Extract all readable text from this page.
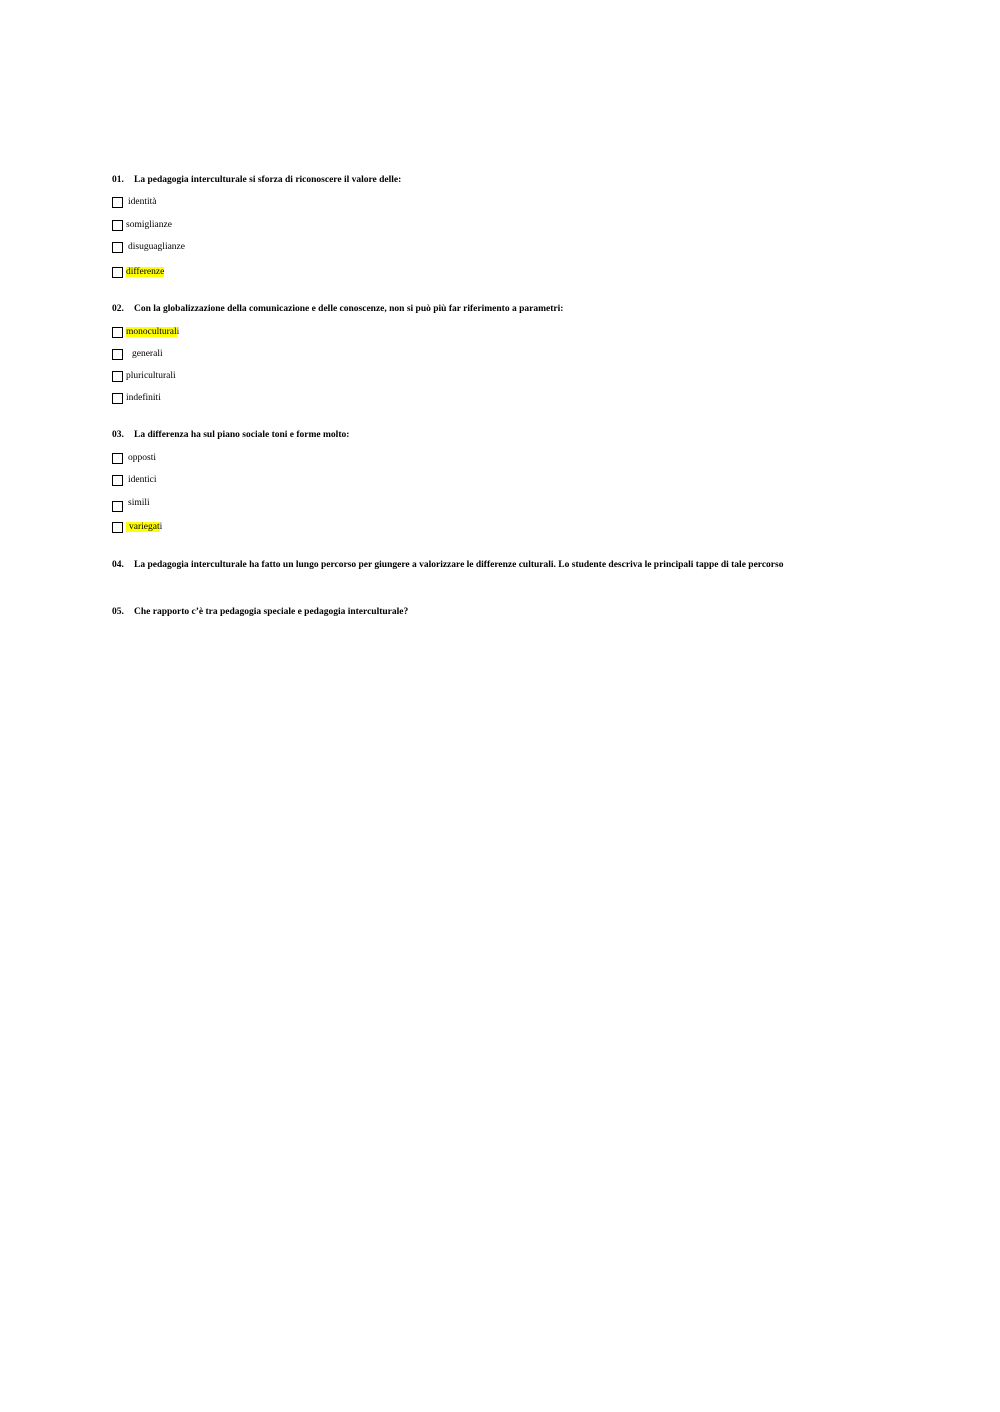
01. La pedagogia interculturale si sforza di riconoscere il valore delle:
identità
somiglianze
disuguaglianze
differenze
02. Con la globalizzazione della comunicazione e delle conoscenze, non si può più far riferimento a parametri:
monoculturali
generali
pluriculturali
indefiniti
03. La differenza ha sul piano sociale toni e forme molto:
opposti
identici
simili
variegati
04. La pedagogia interculturale ha fatto un lungo percorso per giungere a valorizzare le differenze culturali. Lo studente descriva le principali tappe di tale percorso
05. Che rapporto c’è tra pedagogia speciale e pedagogia interculturale?
